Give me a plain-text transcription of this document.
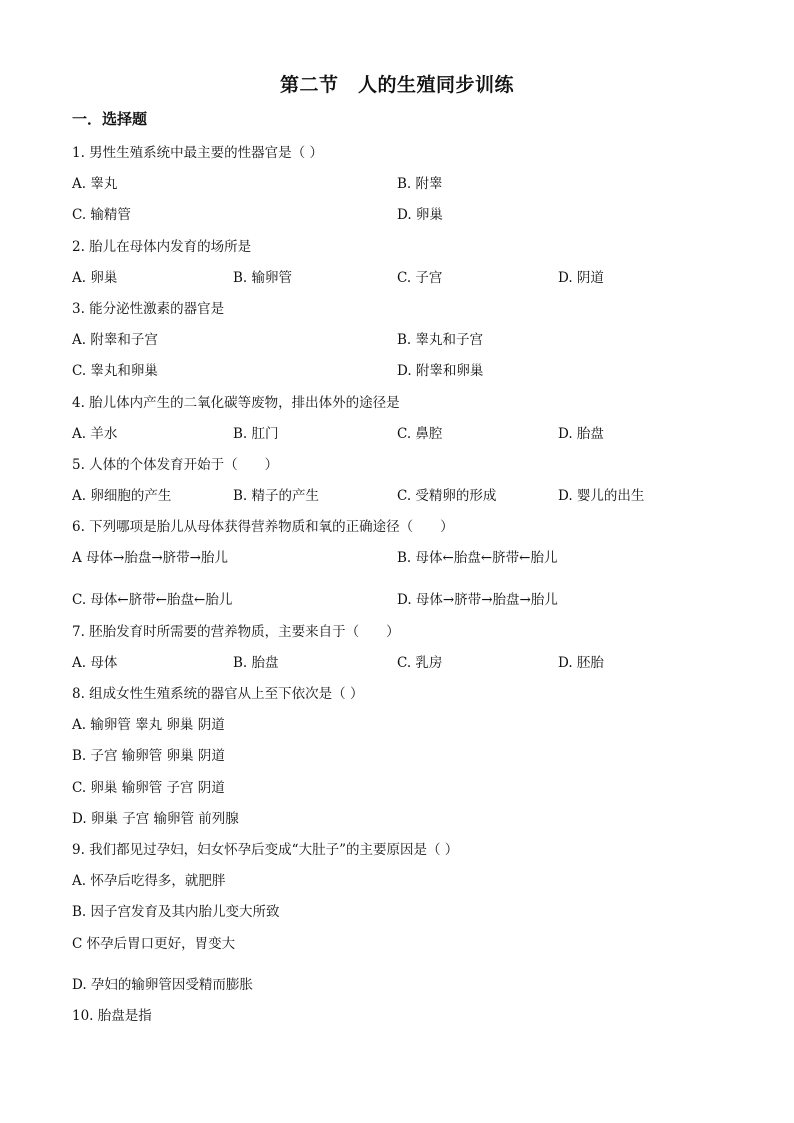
第二节　人的生殖同步训练
一．选择题
1. 男性生殖系统中最主要的性器官是（ ）
A. 睾丸	B. 附睾
C. 输精管	D. 卵巢
2. 胎儿在母体内发育的场所是
A. 卵巢	B. 输卵管	C. 子宫	D. 阴道
3. 能分泌性激素的器官是
A. 附睾和子宫	B. 睾丸和子宫
C. 睾丸和卵巢	D. 附睾和卵巢
4. 胎儿体内产生的二氧化碳等废物，排出体外的途径是
A. 羊水	B. 肛门	C. 鼻腔	D. 胎盘
5. 人体的个体发育开始于（　　）
A. 卵细胞的产生	B. 精子的产生	C. 受精卵的形成	D. 婴儿的出生
6. 下列哪项是胎儿从母体获得营养物质和氧的正确途径（　　）
A 母体→胎盘→脐带→胎儿	B. 母体←胎盘←脐带←胎儿
C. 母体←脐带←胎盘←胎儿	D. 母体→脐带→胎盘→胎儿
7. 胚胎发育时所需要的营养物质，主要来自于（　　）
A. 母体	B. 胎盘	C. 乳房	D. 胚胎
8. 组成女性生殖系统的器官从上至下依次是（ ）
A. 输卵管 睾丸 卵巢 阴道
B. 子宫 输卵管 卵巢 阴道
C. 卵巢 输卵管 子宫 阴道
D. 卵巢 子宫 输卵管 前列腺
9. 我们都见过孕妇，妇女怀孕后变成“大肚子”的主要原因是（ ）
A. 怀孕后吃得多，就肥胖
B. 因子宫发育及其内胎儿变大所致
C 怀孕后胃口更好，胃变大
D. 孕妇的输卵管因受精而膨胀
10. 胎盘是指
